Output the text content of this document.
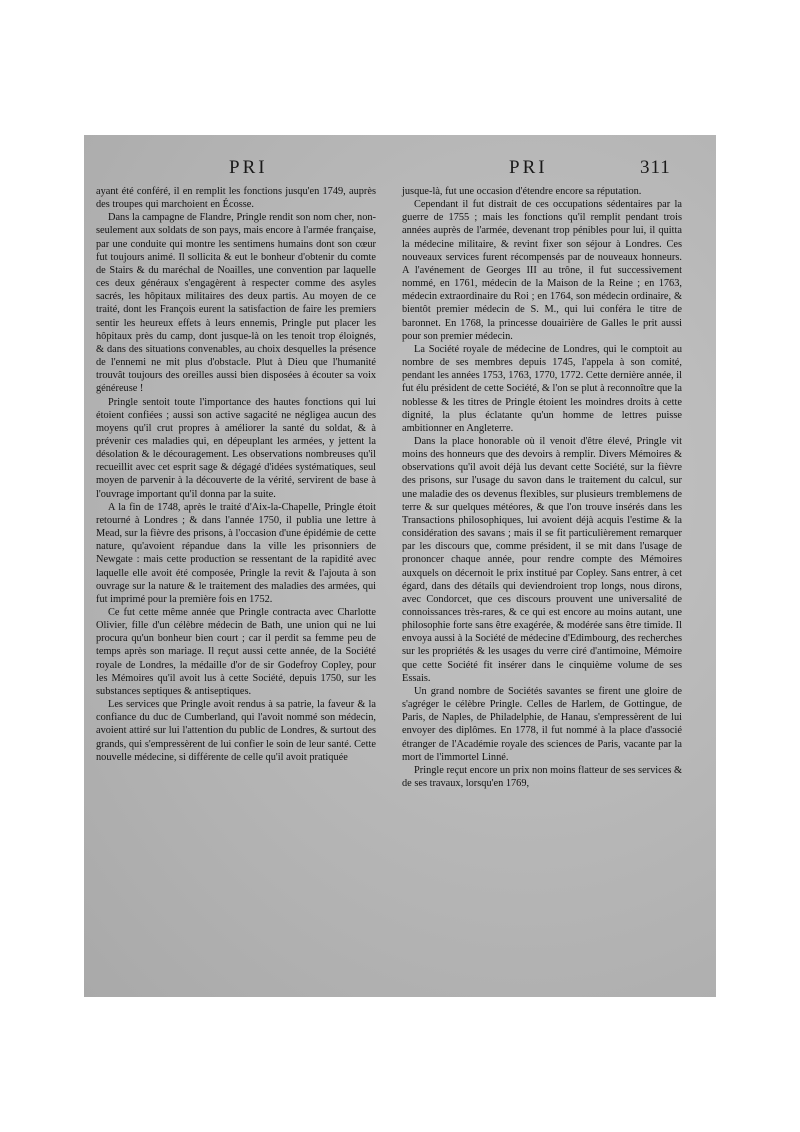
PRI	PRI	311

ayant été conféré, il en remplit les fonctions jusqu'en 1749, auprès des troupes qui marchoient en Écosse.

Dans la campagne de Flandre, Pringle rendit son nom cher, non-seulement aux soldats de son pays, mais encore à l'armée française, par une conduite qui montre les sentimens humains dont son cœur fut toujours animé. Il sollicita & eut le bonheur d'obtenir du comte de Stairs & du maréchal de Noailles, une convention par laquelle ces deux généraux s'engagèrent à respecter comme des asyles sacrés, les hôpitaux militaires des deux partis. Au moyen de ce traité, dont les François eurent la satisfaction de faire les premiers sentir les heureux effets à leurs ennemis, Pringle put placer les hôpitaux près du camp, dont jusque-là on les tenoit trop éloignés, & dans des situations convenables, au choix desquelles la présence de l'ennemi ne mit plus d'obstacle. Plut à Dieu que l'humanité trouvât toujours des oreilles aussi bien disposées à écouter sa voix généreuse !

Pringle sentoit toute l'importance des hautes fonctions qui lui étoient confiées ; aussi son active sagacité ne négligea aucun des moyens qu'il crut propres à améliorer la santé du soldat, & à prévenir ces maladies qui, en dépeuplant les armées, y jettent la désolation & le découragement. Les observations nombreuses qu'il recueillit avec cet esprit sage & dégagé d'idées systématiques, seul moyen de parvenir à la découverte de la vérité, servirent de base à l'ouvrage important qu'il donna par la suite.

A la fin de 1748, après le traité d'Aix-la-Chapelle, Pringle étoit retourné à Londres ; & dans l'année 1750, il publia une lettre à Mead, sur la fièvre des prisons, à l'occasion d'une épidémie de cette nature, qu'avoient répandue dans la ville les prisonniers de Newgate : mais cette production se ressentant de la rapidité avec laquelle elle avoit été composée, Pringle la revit & l'ajouta à son ouvrage sur la nature & le traitement des maladies des armées, qui fut imprimé pour la première fois en 1752.

Ce fut cette même année que Pringle contracta avec Charlotte Olivier, fille d'un célèbre médecin de Bath, une union qui ne lui procura qu'un bonheur bien court ; car il perdit sa femme peu de temps après son mariage. Il reçut aussi cette année, de la Société royale de Londres, la médaille d'or de sir Godefroy Copley, pour les Mémoires qu'il avoit lus à cette Société, depuis 1750, sur les substances septiques & antiseptiques.

Les services que Pringle avoit rendus à sa patrie, la faveur & la confiance du duc de Cumberland, qui l'avoit nommé son médecin, avoient attiré sur lui l'attention du public de Londres, & surtout des grands, qui s'empressèrent de lui confier le soin de leur santé. Cette nouvelle médecine, si différente de celle qu'il avoit pratiquée

jusque-là, fut une occasion d'étendre encore sa réputation.

Cependant il fut distrait de ces occupations sédentaires par la guerre de 1755 ; mais les fonctions qu'il remplit pendant trois années auprès de l'armée, devenant trop pénibles pour lui, il quitta la médecine militaire, & revint fixer son séjour à Londres. Ces nouveaux services furent récompensés par de nouveaux honneurs. A l'avénement de Georges III au trône, il fut successivement nommé, en 1761, médecin de la Maison de la Reine ; en 1763, médecin extraordinaire du Roi ; en 1764, son médecin ordinaire, & bientôt premier médecin de S. M., qui lui conféra le titre de baronnet. En 1768, la princesse douairière de Galles le prit aussi pour son premier médecin.

La Société royale de médecine de Londres, qui le comptoit au nombre de ses membres depuis 1745, l'appela à son comité, pendant les années 1753, 1763, 1770, 1772. Cette dernière année, il fut élu président de cette Société, & l'on se plut à reconnoître que la noblesse & les titres de Pringle étoient les moindres droits à cette dignité, la plus éclatante qu'un homme de lettres puisse ambitionner en Angleterre.

Dans la place honorable où il venoit d'être élevé, Pringle vit moins des honneurs que des devoirs à remplir. Divers Mémoires & observations qu'il avoit déjà lus devant cette Société, sur la fièvre des prisons, sur l'usage du savon dans le traitement du calcul, sur une maladie des os devenus flexibles, sur plusieurs tremblemens de terre & sur quelques météores, & que l'on trouve insérés dans les Transactions philosophiques, lui avoient déjà acquis l'estime & la considération des savans ; mais il se fit particulièrement remarquer par les discours que, comme président, il se mit dans l'usage de prononcer chaque année, pour rendre compte des Mémoires auxquels on décernoit le prix institué par Copley. Sans entrer, à cet égard, dans des détails qui deviendroient trop longs, nous dirons, avec Condorcet, que ces discours prouvent une universalité de connoissances très-rares, & ce qui est encore au moins autant, une philosophie forte sans être exagérée, & modérée sans être timide. Il envoya aussi à la Société de médecine d'Edimbourg, des recherches sur les propriétés & les usages du verre ciré d'antimoine, Mémoire que cette Société fit insérer dans le cinquième volume de ses Essais.

Un grand nombre de Sociétés savantes se firent une gloire de s'agréger le célèbre Pringle. Celles de Harlem, de Gottingue, de Paris, de Naples, de Philadelphie, de Hanau, s'empressèrent de lui envoyer des diplômes. En 1778, il fut nommé à la place d'associé étranger de l'Académie royale des sciences de Paris, vacante par la mort de l'immortel Linné.

Pringle reçut encore un prix non moins flatteur de ses services & de ses travaux, lorsqu'en 1769,
